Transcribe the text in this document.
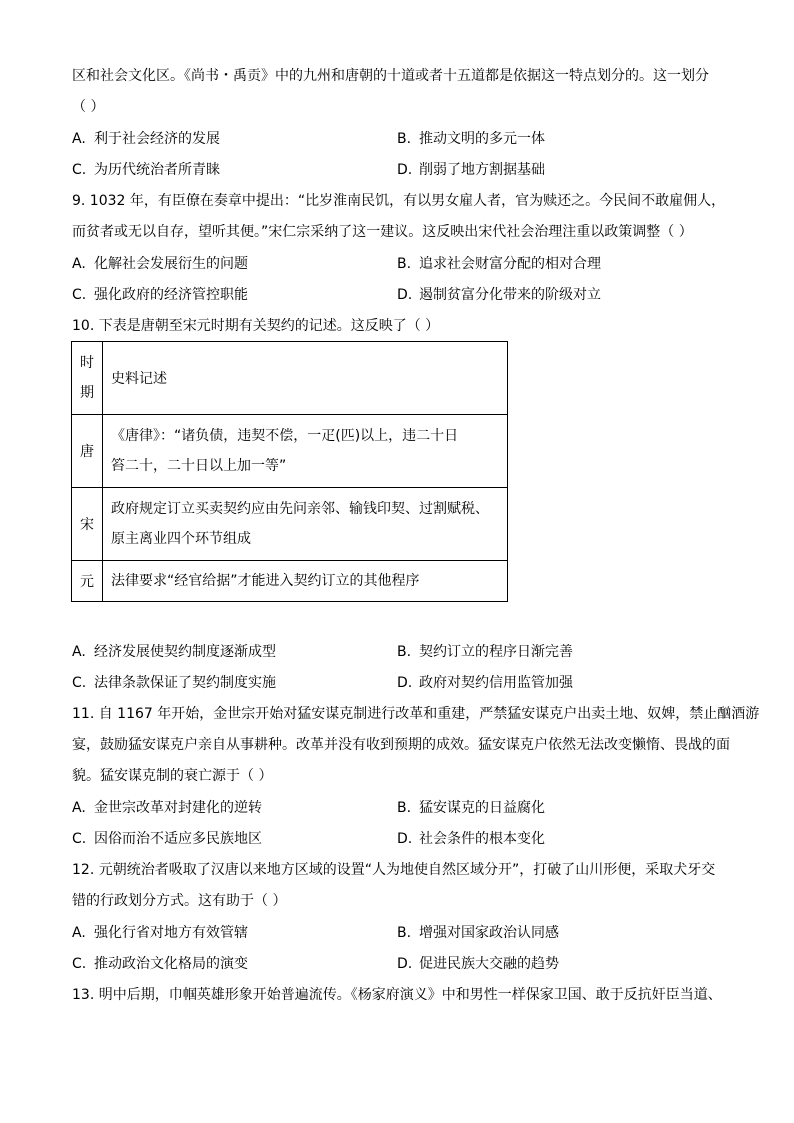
区和社会文化区。《尚书・禹贡》中的九州和唐朝的十道或者十五道都是依据这一特点划分的。这一划分
（ ）
A. 利于社会经济的发展	B. 推动文明的多元一体
C. 为历代统治者所青睐	D. 削弱了地方割据基础
9. 1032 年，有臣僚在奏章中提出：“比岁淮南民饥，有以男女雇人者，官为赎还之。今民间不敢雇佣人，
而贫者或无以自存，望听其便。”宋仁宗采纳了这一建议。这反映出宋代社会治理注重以政策调整（ ）
A. 化解社会发展衍生的问题	B. 追求社会财富分配的相对合理
C. 强化政府的经济管控职能	D. 遏制贫富分化带来的阶级对立
10. 下表是唐朝至宋元时期有关契约的记述。这反映了（ ）
时
期	史料记述
唐	《唐律》：“诸负债，违契不偿，一疋(匹)以上，违二十日
笞二十，二十日以上加一等”

宋	政府规定订立买卖契约应由先问亲邻、输钱印契、过割赋税、
原主离业四个环节组成

元	法律要求“经官给据”才能进入契约订立的其他程序
A. 经济发展使契约制度逐渐成型	B. 契约订立的程序日渐完善
C. 法律条款保证了契约制度实施	D. 政府对契约信用监管加强
11. 自 1167 年开始，金世宗开始对猛安谋克制进行改革和重建，严禁猛安谋克户出卖土地、奴婢，禁止酗酒游
宴，鼓励猛安谋克户亲自从事耕种。改革并没有收到预期的成效。猛安谋克户依然无法改变懒惰、畏战的面
貌。猛安谋克制的衰亡源于（ ）
A. 金世宗改革对封建化的逆转	B. 猛安谋克的日益腐化
C. 因俗而治不适应多民族地区	D. 社会条件的根本变化
12. 元朝统治者吸取了汉唐以来地方区域的设置“人为地使自然区域分开”，打破了山川形便，采取犬牙交
错的行政划分方式。这有助于（ ）
A. 强化行省对地方有效管辖	B. 增强对国家政治认同感
C. 推动政治文化格局的演变	D. 促进民族大交融的趋势
13. 明中后期，巾帼英雄形象开始普遍流传。《杨家府演义》中和男性一样保家卫国、敢于反抗奸臣当道、
